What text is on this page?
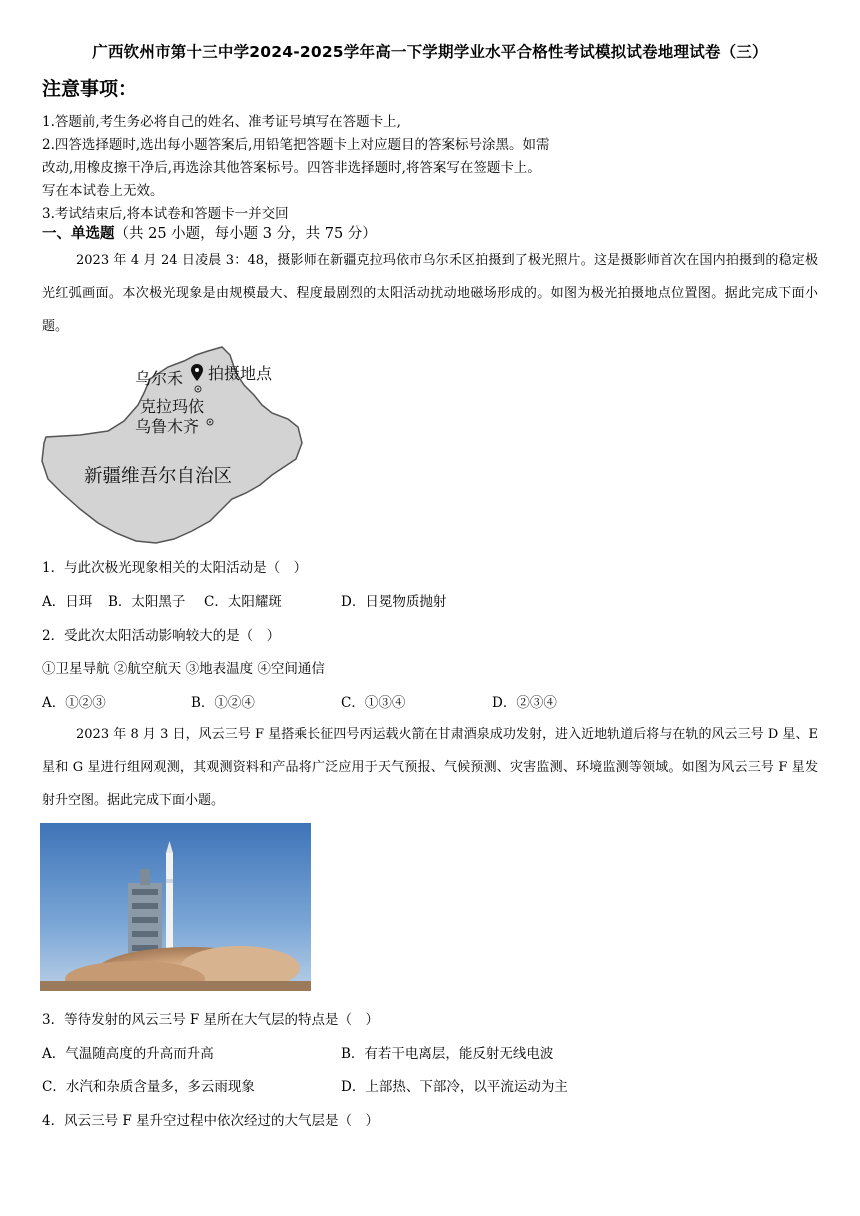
广西钦州市第十三中学2024-2025学年高一下学期学业水平合格性考试模拟试卷地理试卷（三）
注意事项：
1.答题前,考生务必将自己的姓名、准考证号填写在答题卡上,
2.四答选择题时,选出每小题答案后,用铅笔把答题卡上对应题目的答案标号涂黑。如需
改动,用橡皮擦干净后,再选涂其他答案标号。四答非选择题时,将答案写在签题卡上。
写在本试卷上无效。
3.考试结束后,将本试卷和答题卡一并交回
一、单选题（共 25 小题，每小题 3 分，共 75 分）
2023 年 4 月 24 日凌晨 3：48，摄影师在新疆克拉玛依市乌尔禾区拍摄到了极光照片。这是摄影师首次在国内拍摄到的稳定极光红弧画面。本次极光现象是由规模最大、程度最剧烈的太阳活动扰动地磁场形成的。如图为极光拍摄地点位置图。据此完成下面小题。
乌尔禾 拍摄地点
克拉玛依
乌鲁木齐
新疆维吾尔自治区
1．与此次极光现象相关的太阳活动是（　）
A．日珥 B．太阳黑子 C．太阳耀斑	D．日冕物质抛射
2．受此次太阳活动影响较大的是（　）
①卫星导航 ②航空航天 ③地表温度 ④空间通信
A．①②③	B．①②④	C．①③④	D．②③④
2023 年 8 月 3 日，风云三号 F 星搭乘长征四号丙运载火箭在甘肃酒泉成功发射，进入近地轨道后将与在轨的风云三号 D 星、E 星和 G 星进行组网观测，其观测资料和产品将广泛应用于天气预报、气候预测、灾害监测、环境监测等领域。如图为风云三号 F 星发射升空图。据此完成下面小题。
3．等待发射的风云三号 F 星所在大气层的特点是（　）
A．气温随高度的升高而升高	B．有若干电离层，能反射无线电波
C．水汽和杂质含量多，多云雨现象	D．上部热、下部冷，以平流运动为主
4．风云三号 F 星升空过程中依次经过的大气层是（　）
